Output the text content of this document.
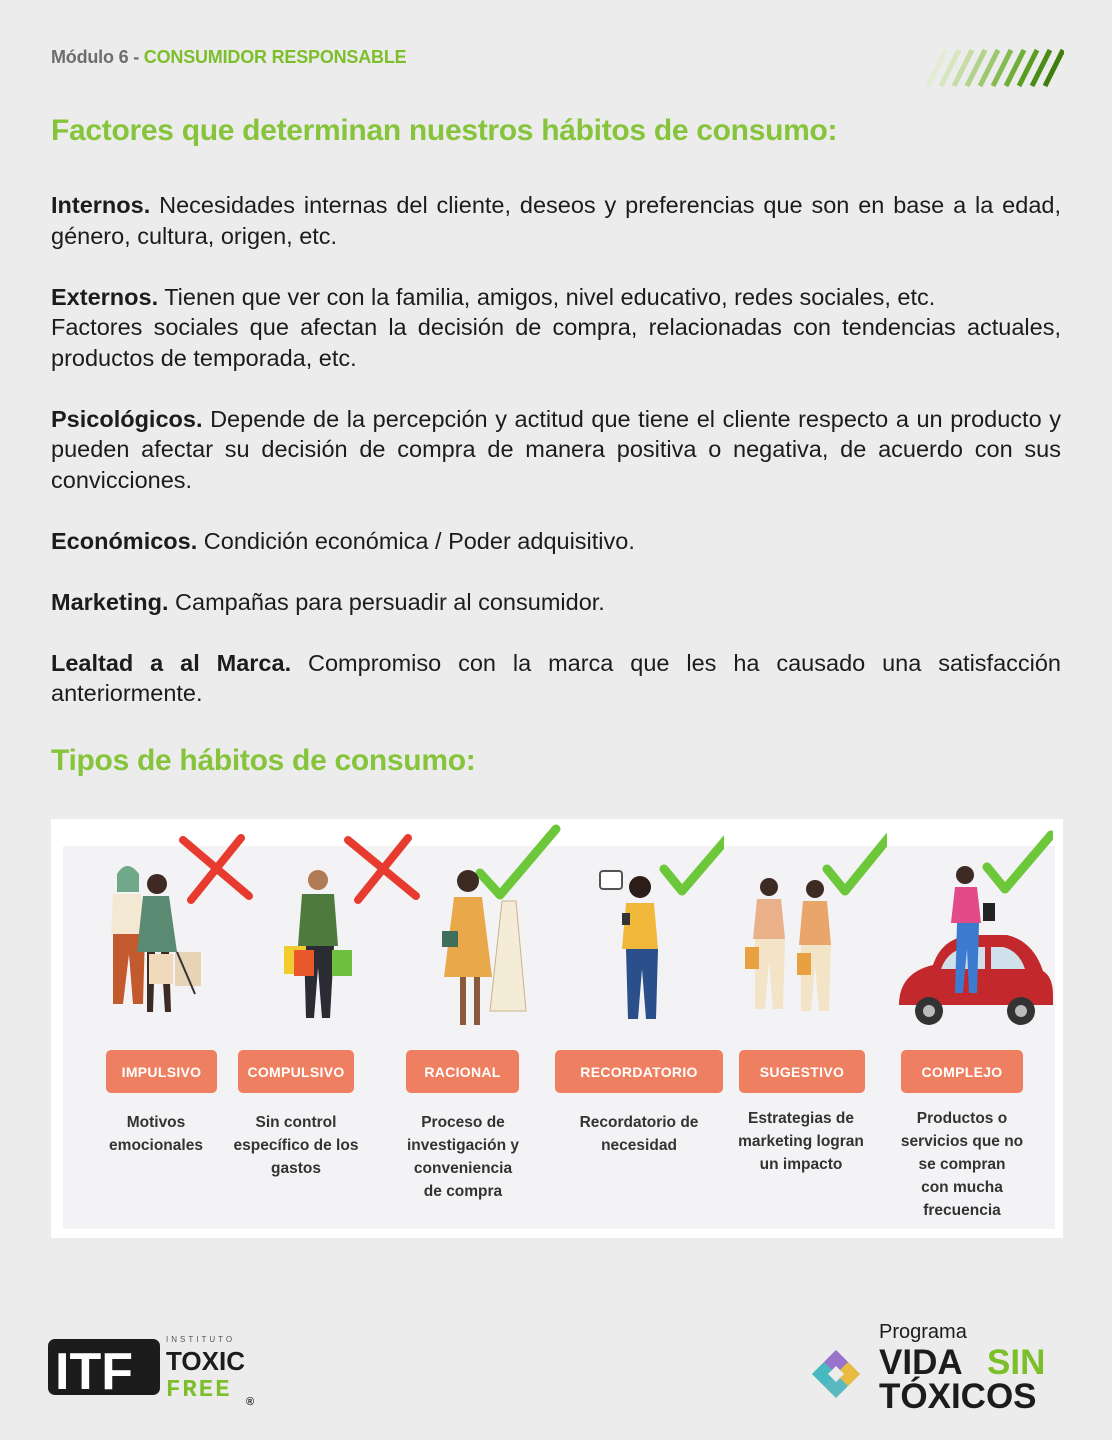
Módulo 6 - CONSUMIDOR RESPONSABLE
Factores que determinan nuestros hábitos de consumo:

Internos. Necesidades internas del cliente, deseos y preferencias que son en base a la edad, género, cultura, origen, etc.

Externos. Tienen que ver con la familia, amigos, nivel educativo, redes sociales, etc.
Factores sociales que afectan la decisión de compra, relacionadas con tendencias actuales, productos de temporada, etc.

Psicológicos. Depende de la percepción y actitud que tiene el cliente respecto a un producto y pueden afectar su decisión de compra de manera positiva o negativa, de acuerdo con sus convicciones.

Económicos. Condición económica / Poder adquisitivo.

Marketing. Campañas para persuadir al consumidor.

Lealtad a al Marca. Compromiso con la marca que les ha causado una satisfacción anteriormente.

Tipos de hábitos de consumo:
IMPULSIVO
Motivos
emocionales
COMPULSIVO
Sin control
específico de los
gastos
RACIONAL
Proceso de
investigación y
conveniencia
de compra
RECORDATORIO
Recordatorio de
necesidad
SUGESTIVO
Estrategias de
marketing logran
un impacto
COMPLEJO
Productos o
servicios que no
se compran
con mucha
frecuencia
ITF
INSTITUTO
TOXIC
FREE ®
Programa
VIDA SIN
TÓXICOS
